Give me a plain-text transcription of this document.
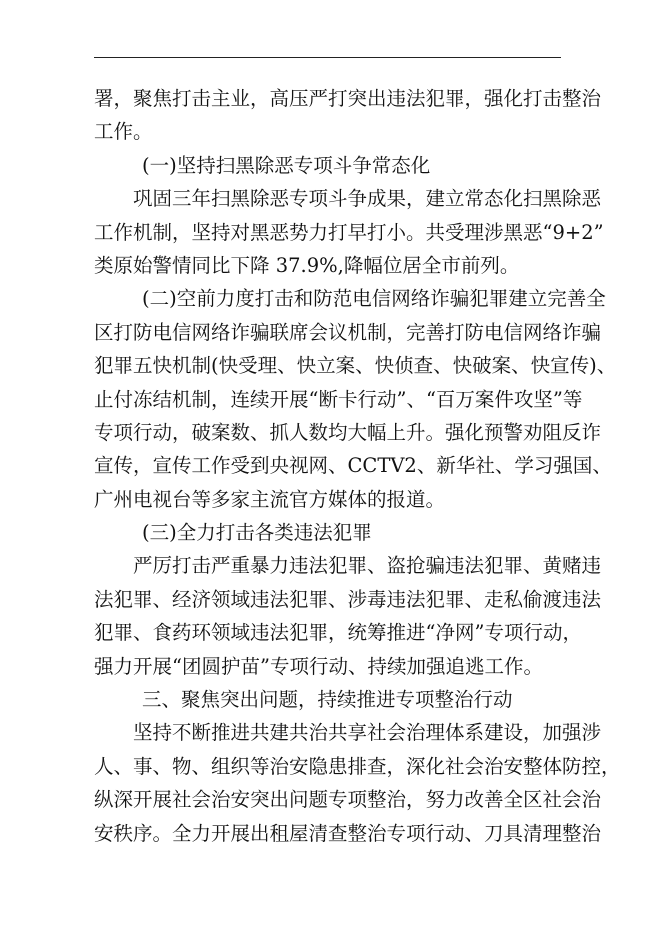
署，聚焦打击主业，高压严打突出违法犯罪，强化打击整治
工作。
(一)坚持扫黑除恶专项斗争常态化
巩固三年扫黑除恶专项斗争成果，建立常态化扫黑除恶
工作机制，坚持对黑恶势力打早打小。共受理涉黑恶“9+2”
类原始警情同比下降 37.9%,降幅位居全市前列。
(二)空前力度打击和防范电信网络诈骗犯罪建立完善全
区打防电信网络诈骗联席会议机制，完善打防电信网络诈骗
犯罪五快机制(快受理、快立案、快侦查、快破案、快宣传)、
止付冻结机制，连续开展“断卡行动”、“百万案件攻坚”等
专项行动，破案数、抓人数均大幅上升。强化预警劝阻反诈
宣传，宣传工作受到央视网、CCTV2、新华社、学习强国、
广州电视台等多家主流官方媒体的报道。
(三)全力打击各类违法犯罪
严厉打击严重暴力违法犯罪、盗抢骗违法犯罪、黄赌违
法犯罪、经济领域违法犯罪、涉毒违法犯罪、走私偷渡违法
犯罪、食药环领域违法犯罪，统筹推进“净网”专项行动，
强力开展“团圆护苗”专项行动、持续加强追逃工作。
三、聚焦突出问题，持续推进专项整治行动
坚持不断推进共建共治共享社会治理体系建设，加强涉
人、事、物、组织等治安隐患排查，深化社会治安整体防控，
纵深开展社会治安突出问题专项整治，努力改善全区社会治
安秩序。全力开展出租屋清查整治专项行动、刀具清理整治
